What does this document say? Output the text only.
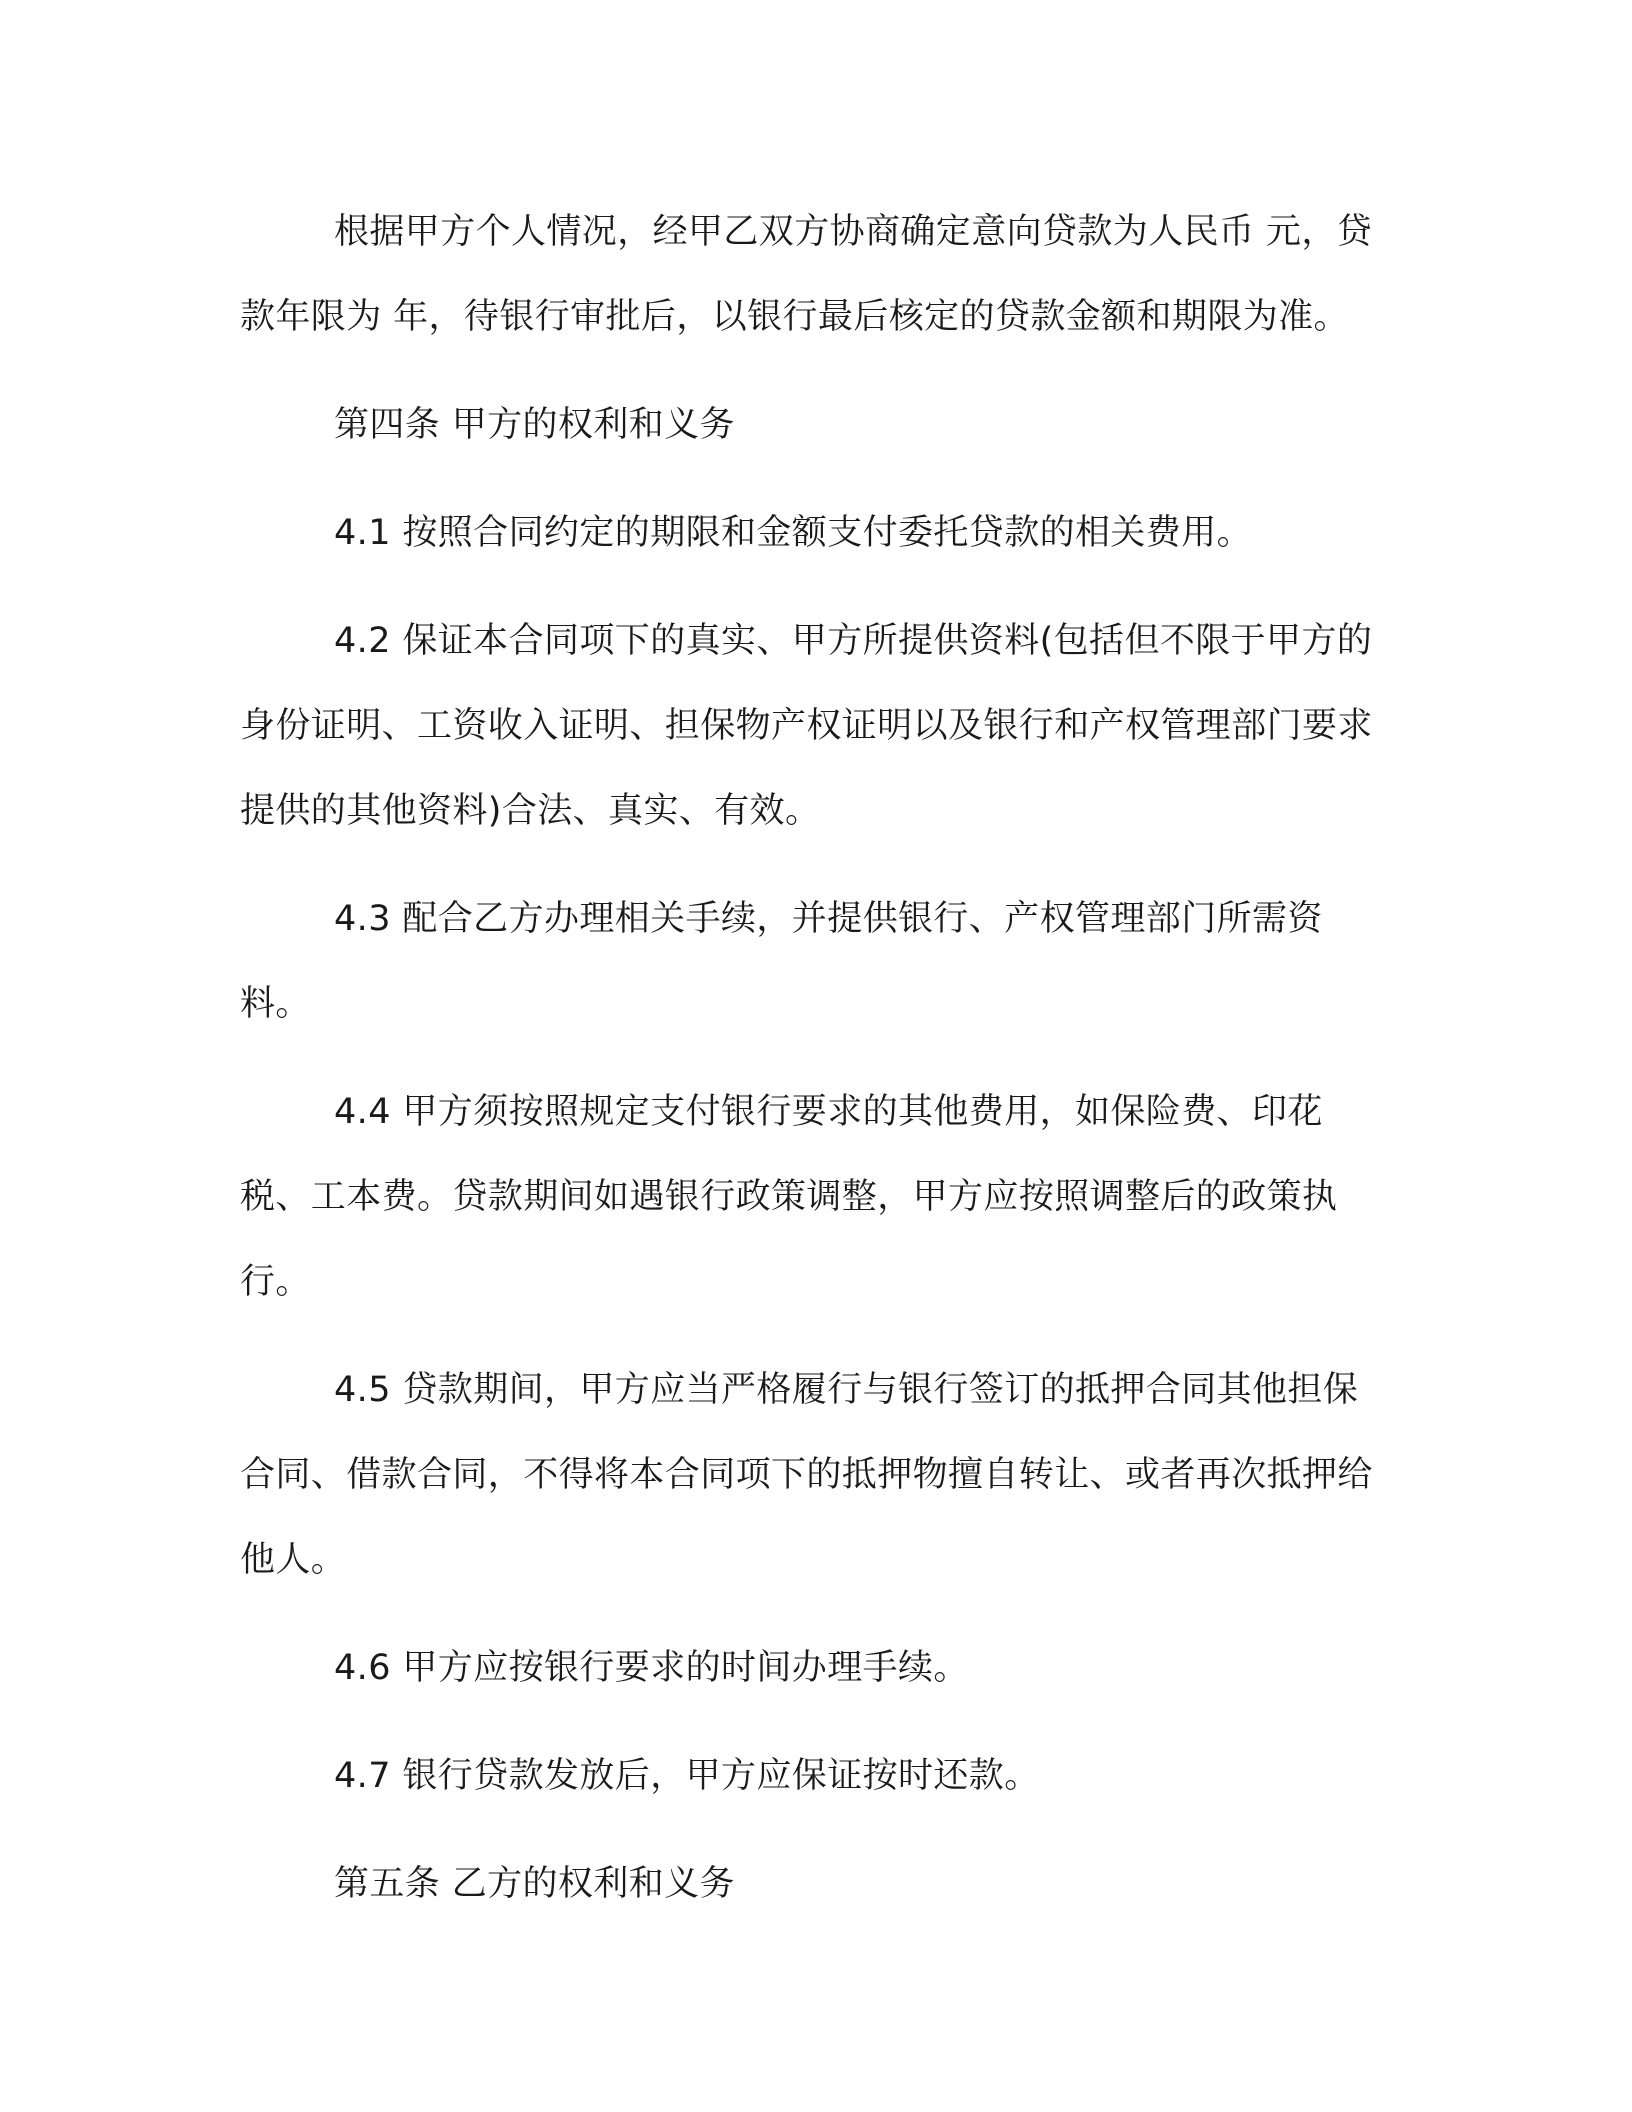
根据甲方个人情况，经甲乙双方协商确定意向贷款为人民币 元，贷款年限为 年，待银行审批后，以银行最后核定的贷款金额和期限为准。

第四条 甲方的权利和义务

4.1 按照合同约定的期限和金额支付委托贷款的相关费用。

4.2 保证本合同项下的真实、甲方所提供资料(包括但不限于甲方的身份证明、工资收入证明、担保物产权证明以及银行和产权管理部门要求提供的其他资料)合法、真实、有效。

4.3 配合乙方办理相关手续，并提供银行、产权管理部门所需资料。

4.4 甲方须按照规定支付银行要求的其他费用，如保险费、印花税、工本费。贷款期间如遇银行政策调整，甲方应按照调整后的政策执行。

4.5 贷款期间，甲方应当严格履行与银行签订的抵押合同其他担保合同、借款合同，不得将本合同项下的抵押物擅自转让、或者再次抵押给他人。

4.6 甲方应按银行要求的时间办理手续。

4.7 银行贷款发放后，甲方应保证按时还款。

第五条 乙方的权利和义务
